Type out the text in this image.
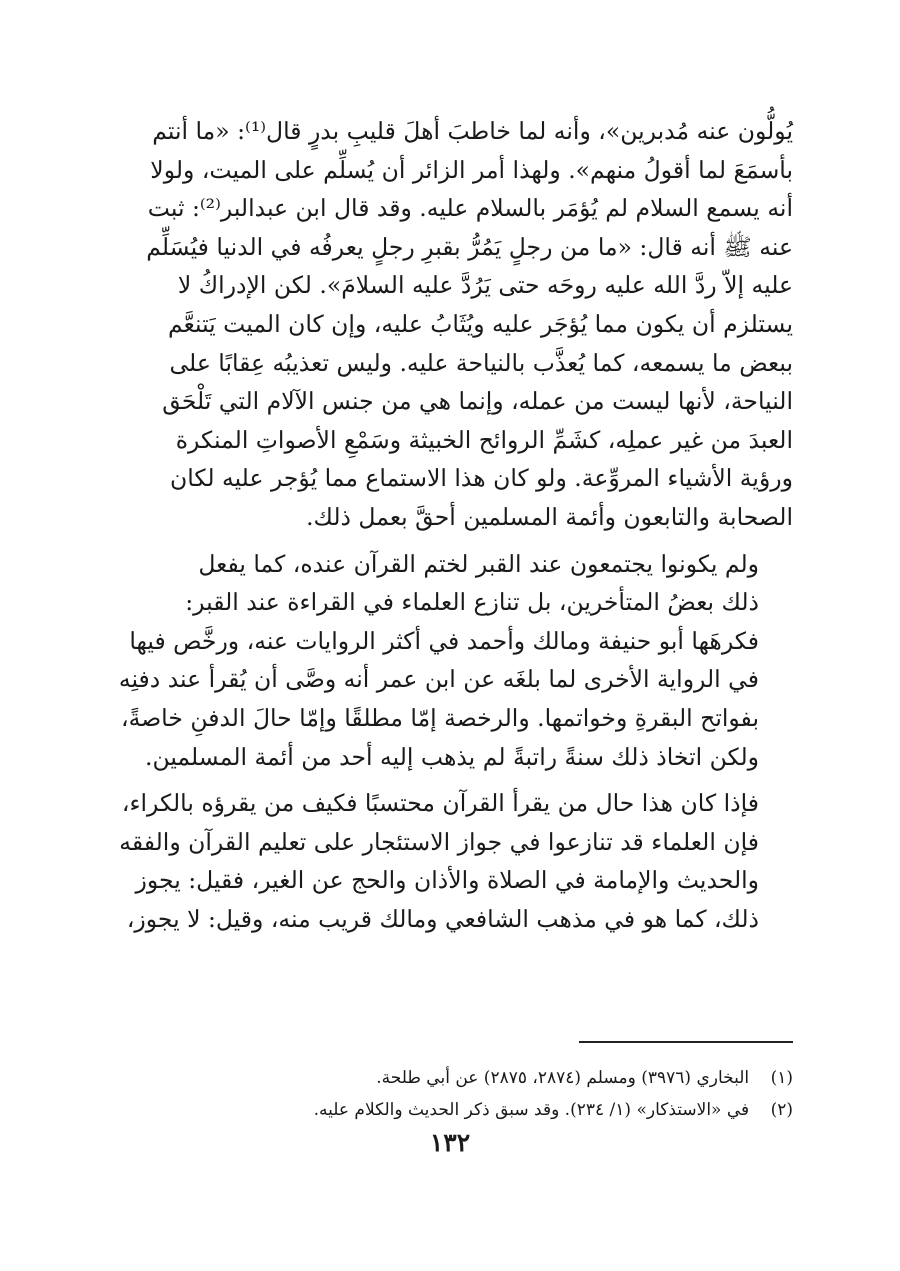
يُولُّون عنه مُدبرين»، وأنه لما خاطبَ أهلَ قليبِ بدرٍ قال⁽¹⁾: «ما أنتم
بأسمَعَ لما أقولُ منهم». ولهذا أمر الزائر أن يُسلِّم على الميت، ولولا
أنه يسمع السلام لم يُؤمَر بالسلام عليه. وقد قال ابن عبدالبر⁽²⁾: ثبت
عنه ﷺ أنه قال: «ما من رجلٍ يَمُرُّ بقبرِ رجلٍ يعرفُه في الدنيا فيُسَلِّم
عليه إلاّ ردَّ الله عليه روحَه حتى يَرُدَّ عليه السلامَ». لكن الإدراكُ لا
يستلزم أن يكون مما يُؤجَر عليه ويُثَابُ عليه، وإن كان الميت يَتنعَّم
ببعض ما يسمعه، كما يُعذَّب بالنياحة عليه. وليس تعذيبُه عِقابًا على
النياحة، لأنها ليست من عمله، وإنما هي من جنس الآلام التي تَلْحَق
العبدَ من غير عملِه، كشَمِّ الروائح الخبيثة وسَمْعِ الأصواتِ المنكرة
ورؤية الأشياء المروِّعة. ولو كان هذا الاستماع مما يُؤجر عليه لكان
الصحابة والتابعون وأئمة المسلمين أحقَّ بعمل ذلك.

ولم يكونوا يجتمعون عند القبر لختم القرآن عنده، كما يفعل
ذلك بعضُ المتأخرين، بل تنازع العلماء في القراءة عند القبر:
فكرهَها أبو حنيفة ومالك وأحمد في أكثر الروايات عنه، ورخَّص فيها
في الرواية الأخرى لما بلغَه عن ابن عمر أنه وصَّى أن يُقرأ عند دفنِه
بفواتح البقرةِ وخواتمها. والرخصة إمّا مطلقًا وإمّا حالَ الدفنِ خاصةً،
ولكن اتخاذ ذلك سنةً راتبةً لم يذهب إليه أحد من أئمة المسلمين.

فإذا كان هذا حال من يقرأ القرآن محتسبًا فكيف من يقرؤه بالكراء،
فإن العلماء قد تنازعوا في جواز الاستئجار على تعليم القرآن والفقه
والحديث والإمامة في الصلاة والأذان والحج عن الغير، فقيل: يجوز
ذلك، كما هو في مذهب الشافعي ومالك قريب منه، وقيل: لا يجوز،

(١) البخاري (٣٩٧٦) ومسلم (٢٨٧٤، ٢٨٧٥) عن أبي طلحة.
(٢) في «الاستذكار» (١/ ٢٣٤). وقد سبق ذكر الحديث والكلام عليه.
١٣٢
